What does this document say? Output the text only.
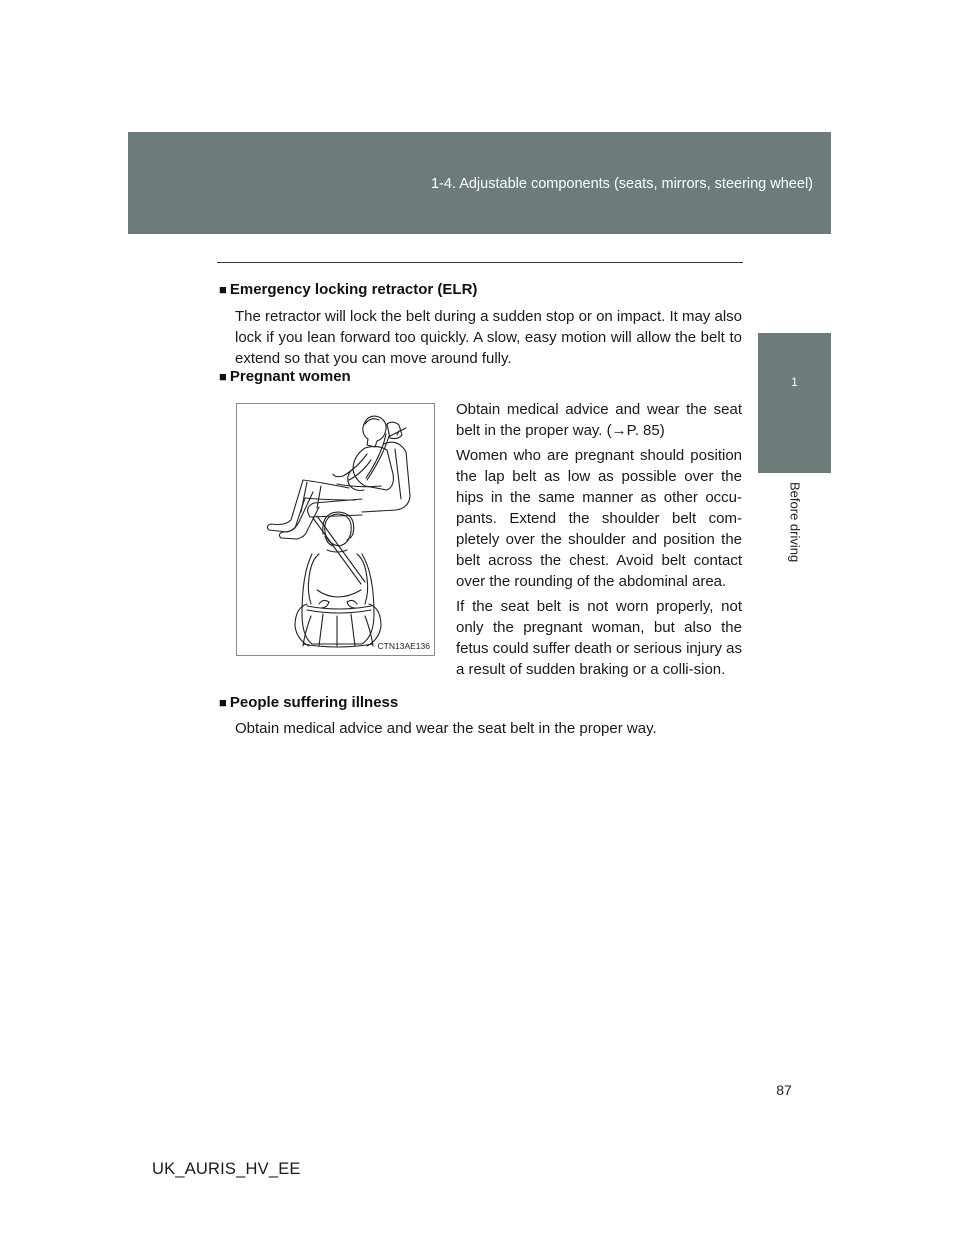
1-4. Adjustable components (seats, mirrors, steering wheel)
1
Before driving
■ Emergency locking retractor (ELR)

The retractor will lock the belt during a sudden stop or on impact. It may also lock if you lean forward too quickly. A slow, easy motion will allow the belt to extend so that you can move around fully.

■ Pregnant women
CTN13AE136

Obtain medical advice and wear the seat belt in the proper way. (→P. 85)

Women who are pregnant should position the lap belt as low as possible over the hips in the same manner as other occu-pants. Extend the shoulder belt com-pletely over the shoulder and position the belt across the chest. Avoid belt contact over the rounding of the abdominal area.

If the seat belt is not worn properly, not only the pregnant woman, but also the fetus could suffer death or serious injury as a result of sudden braking or a colli-sion.

■ People suffering illness

Obtain medical advice and wear the seat belt in the proper way.

87
UK_AURIS_HV_EE
